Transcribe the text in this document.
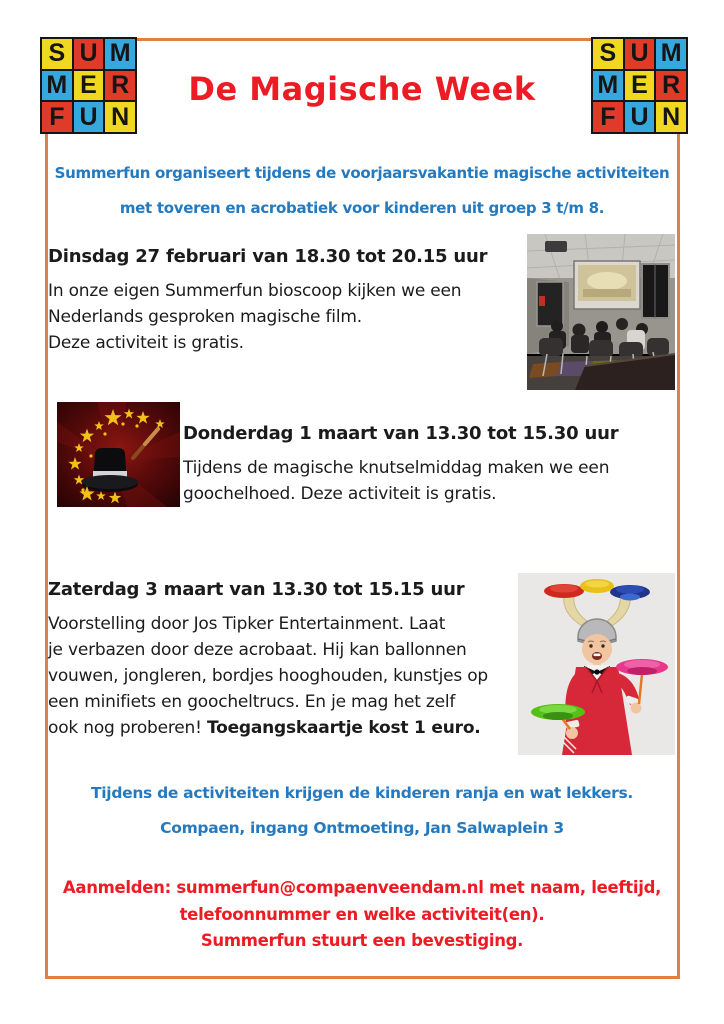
S U M
M E R
F U N
S U M
M E R
F U N
De Magische Week
Summerfun organiseert tijdens de voorjaarsvakantie magische activiteiten
met toveren en acrobatiek voor kinderen uit groep 3 t/m 8.
Dinsdag 27 februari van 18.30 tot 20.15 uur
In onze eigen Summerfun bioscoop kijken we een
Nederlands gesproken magische film.
Deze activiteit is gratis.
Donderdag 1 maart van 13.30 tot 15.30 uur
Tijdens de magische knutselmiddag maken we een
goochelhoed. Deze activiteit is gratis.
Zaterdag 3 maart van 13.30 tot 15.15 uur
Voorstelling door Jos Tipker Entertainment. Laat
je verbazen door deze acrobaat. Hij kan ballonnen
vouwen, jongleren, bordjes hooghouden, kunstjes op
een minifiets en goocheltrucs. En je mag het zelf
ook nog proberen! Toegangskaartje kost 1 euro.
Tijdens de activiteiten krijgen de kinderen ranja en wat lekkers.
Compaen, ingang Ontmoeting, Jan Salwaplein 3
Aanmelden: summerfun@compaenveendam.nl met naam, leeftijd,
telefoonnummer en welke activiteit(en).
Summerfun stuurt een bevestiging.
